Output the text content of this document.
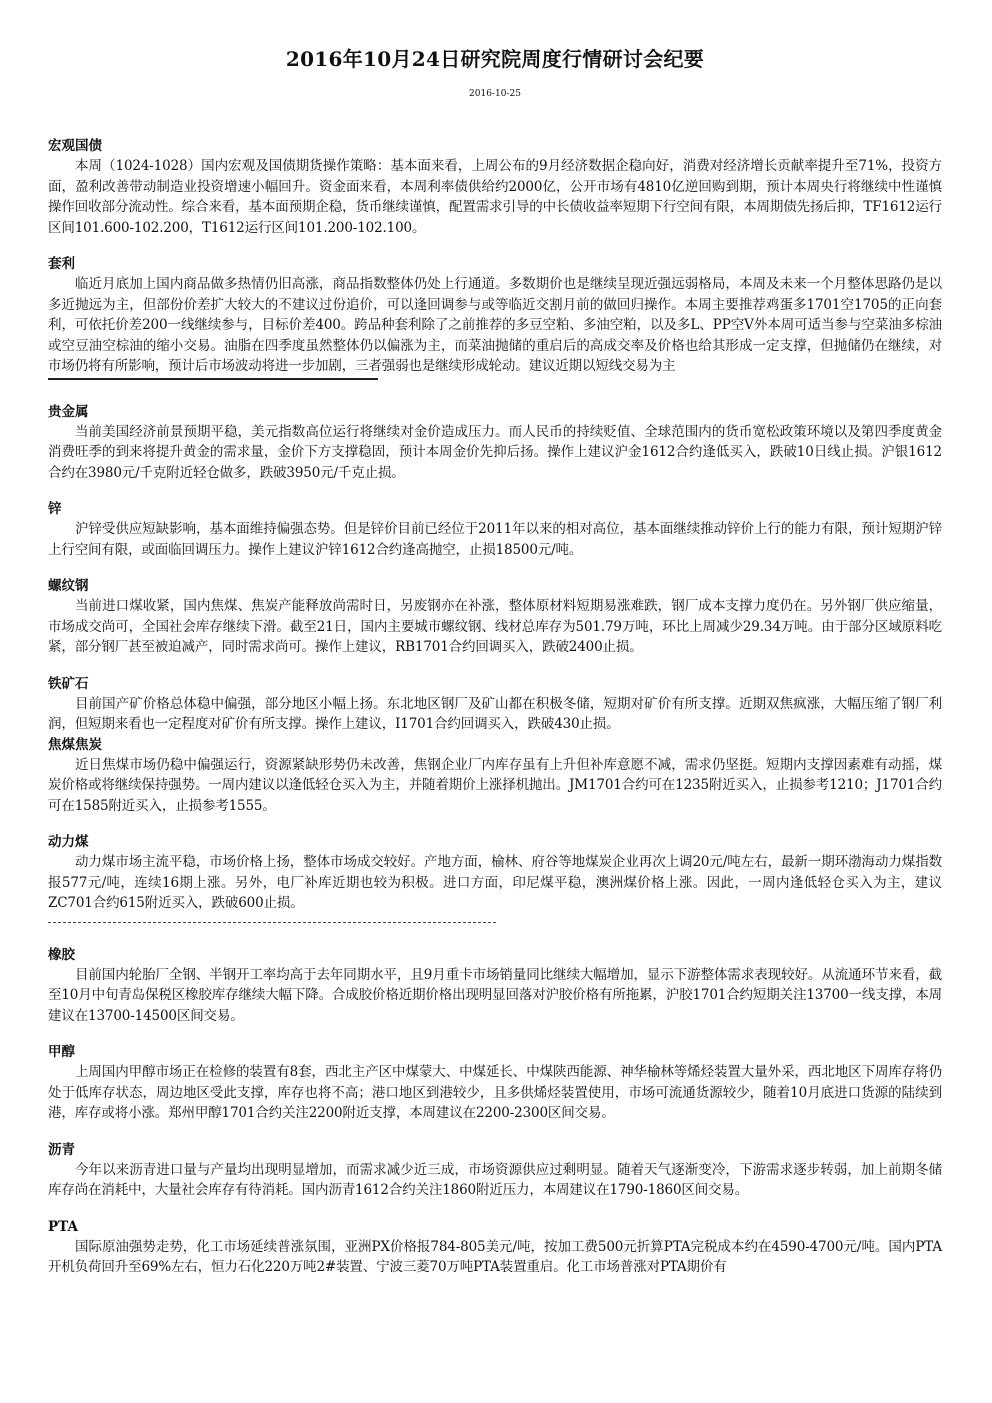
2016年10月24日研究院周度行情研讨会纪要
2016-10-25
宏观国债

本周（1024-1028）国内宏观及国债期货操作策略：基本面来看，上周公布的9月经济数据企稳向好，消费对经济增长贡献率提升至71%，投资方面，盈利改善带动制造业投资增速小幅回升。资金面来看，本周利率债供给约2000亿，公开市场有4810亿逆回购到期，预计本周央行将继续中性谨慎操作回收部分流动性。综合来看，基本面预期企稳，货币继续谨慎，配置需求引导的中长债收益率短期下行空间有限，本周期债先扬后抑，TF1612运行区间101.600-102.200，T1612运行区间101.200-102.100。

套利

临近月底加上国内商品做多热情仍旧高涨，商品指数整体仍处上行通道。多数期价也是继续呈现近强远弱格局，本周及未来一个月整体思路仍是以多近抛远为主，但部份价差扩大较大的不建议过份追价，可以逢回调参与或等临近交割月前的做回归操作。本周主要推荐鸡蛋多1701空1705的正向套利，可依托价差200一线继续参与，目标价差400。跨品种套利除了之前推荐的多豆空粕、多油空粕，以及多L、PP空V外本周可适当参与空菜油多棕油或空豆油空棕油的缩小交易。油脂在四季度虽然整体仍以偏涨为主，而菜油抛储的重启后的高成交率及价格也给其形成一定支撑，但抛储仍在继续，对市场仍将有所影响，预计后市场波动将进一步加剧，三者强弱也是继续形成轮动。建议近期以短线交易为主

贵金属

当前美国经济前景预期平稳，美元指数高位运行将继续对金价造成压力。而人民币的持续贬值、全球范围内的货币宽松政策环境以及第四季度黄金消费旺季的到来将提升黄金的需求量，金价下方支撑稳固，预计本周金价先抑后扬。操作上建议沪金1612合约逢低买入，跌破10日线止损。沪银1612合约在3980元/千克附近轻仓做多，跌破3950元/千克止损。

锌

沪锌受供应短缺影响，基本面维持偏强态势。但是锌价目前已经位于2011年以来的相对高位，基本面继续推动锌价上行的能力有限，预计短期沪锌上行空间有限，或面临回调压力。操作上建议沪锌1612合约逢高抛空，止损18500元/吨。

螺纹钢

当前进口煤收紧，国内焦煤、焦炭产能释放尚需时日，另废钢亦在补涨，整体原材料短期易涨难跌，钢厂成本支撑力度仍在。另外钢厂供应缩量，市场成交尚可，全国社会库存继续下滑。截至21日，国内主要城市螺纹钢、线材总库存为501.79万吨，环比上周减少29.34万吨。由于部分区域原料吃紧，部分钢厂甚至被迫减产，同时需求尚可。操作上建议，RB1701合约回调买入，跌破2400止损。

铁矿石

目前国产矿价格总体稳中偏强，部分地区小幅上扬。东北地区钢厂及矿山都在积极冬储，短期对矿价有所支撑。近期双焦疯涨，大幅压缩了钢厂利润，但短期来看也一定程度对矿价有所支撑。操作上建议，I1701合约回调买入，跌破430止损。

焦煤焦炭

近日焦煤市场仍稳中偏强运行，资源紧缺形势仍未改善，焦钢企业厂内库存虽有上升但补库意愿不减，需求仍坚挺。短期内支撑因素难有动摇，煤炭价格或将继续保持强势。一周内建议以逢低轻仓买入为主，并随着期价上涨择机抛出。JM1701合约可在1235附近买入，止损参考1210；J1701合约可在1585附近买入，止损参考1555。

动力煤

动力煤市场主流平稳，市场价格上扬，整体市场成交较好。产地方面，榆林、府谷等地煤炭企业再次上调20元/吨左右，最新一期环渤海动力煤指数报577元/吨，连续16期上涨。另外，电厂补库近期也较为积极。进口方面，印尼煤平稳，澳洲煤价格上涨。因此，一周内逢低轻仓买入为主，建议ZC701合约615附近买入，跌破600止损。

橡胶

目前国内轮胎厂全钢、半钢开工率均高于去年同期水平，且9月重卡市场销量同比继续大幅增加，显示下游整体需求表现较好。从流通环节来看，截至10月中旬青岛保税区橡胶库存继续大幅下降。合成胶价格近期价格出现明显回落对沪胶价格有所拖累，沪胶1701合约短期关注13700一线支撑，本周建议在13700-14500区间交易。

甲醇

上周国内甲醇市场正在检修的装置有8套，西北主产区中煤蒙大、中煤延长、中煤陕西能源、神华榆林等烯烃装置大量外采，西北地区下周库存将仍处于低库存状态，周边地区受此支撑，库存也将不高；港口地区到港较少，且多供烯烃装置使用，市场可流通货源较少，随着10月底进口货源的陆续到港，库存或将小涨。郑州甲醇1701合约关注2200附近支撑，本周建议在2200-2300区间交易。

沥青

今年以来沥青进口量与产量均出现明显增加，而需求减少近三成，市场资源供应过剩明显。随着天气逐渐变冷，下游需求逐步转弱，加上前期冬储库存尚在消耗中，大量社会库存有待消耗。国内沥青1612合约关注1860附近压力，本周建议在1790-1860区间交易。

PTA

国际原油强势走势，化工市场延续普涨氛围，亚洲PX价格报784-805美元/吨，按加工费500元折算PTA完税成本约在4590-4700元/吨。国内PTA开机负荷回升至69%左右，恒力石化220万吨2#装置、宁波三菱70万吨PTA装置重启。化工市场普涨对PTA期价有
